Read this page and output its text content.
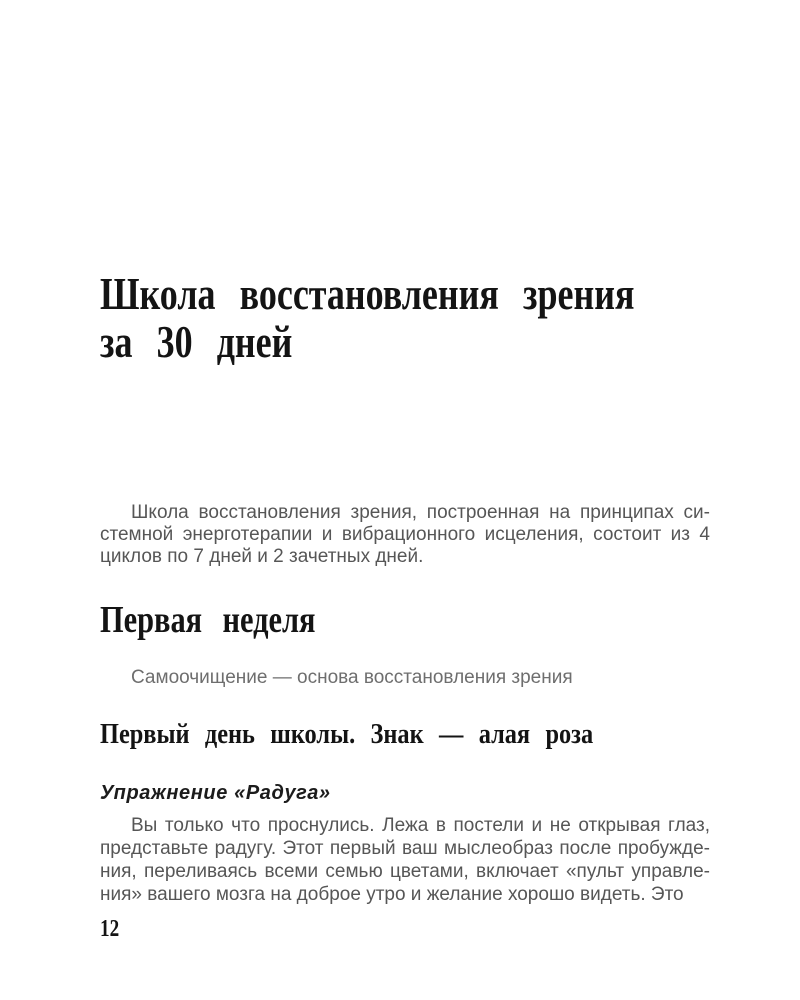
Школа восстановления зрения
за 30 дней

Школа восстановления зрения, построенная на принципах системной энерготерапии и вибрационного исцеления, состоит из 4 циклов по 7 дней и 2 зачетных дней.

Первая неделя

Самоочищение — основа восстановления зрения

Первый день школы. Знак — алая роза

Упражнение «Радуга»

Вы только что проснулись. Лежа в постели и не открывая глаз, представьте радугу. Этот первый ваш мыслеобраз после пробуждения, переливаясь всеми семью цветами, включает «пульт управления» вашего мозга на доброе утро и желание хорошо видеть. Это

12
